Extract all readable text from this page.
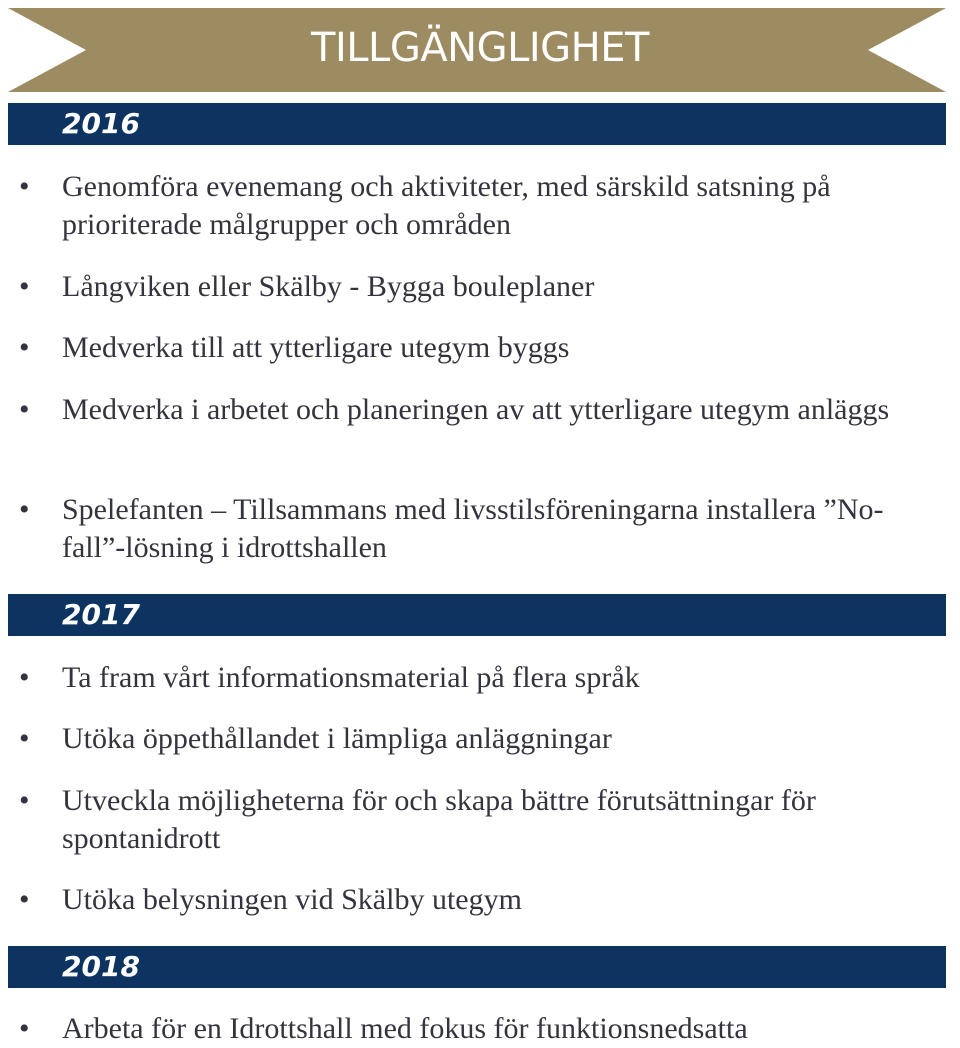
TILLGÄNGLIGHET
2016
• Genomföra evenemang och aktiviteter, med särskild satsning på prioriterade målgrupper och områden
• Långviken eller Skälby - Bygga bouleplaner
• Medverka till att ytterligare utegym byggs
• Medverka i arbetet och planeringen av att ytterligare utegym anläggs
• Spelefanten – Tillsammans med livsstilsföreningarna installera ”No-fall”-lösning i idrottshallen
2017
• Ta fram vårt informationsmaterial på flera språk
• Utöka öppethållandet i lämpliga anläggningar
• Utveckla möjligheterna för och skapa bättre förutsättningar för spontanidrott
• Utöka belysningen vid Skälby utegym
2018
• Arbeta för en Idrottshall med fokus för funktionsnedsatta
